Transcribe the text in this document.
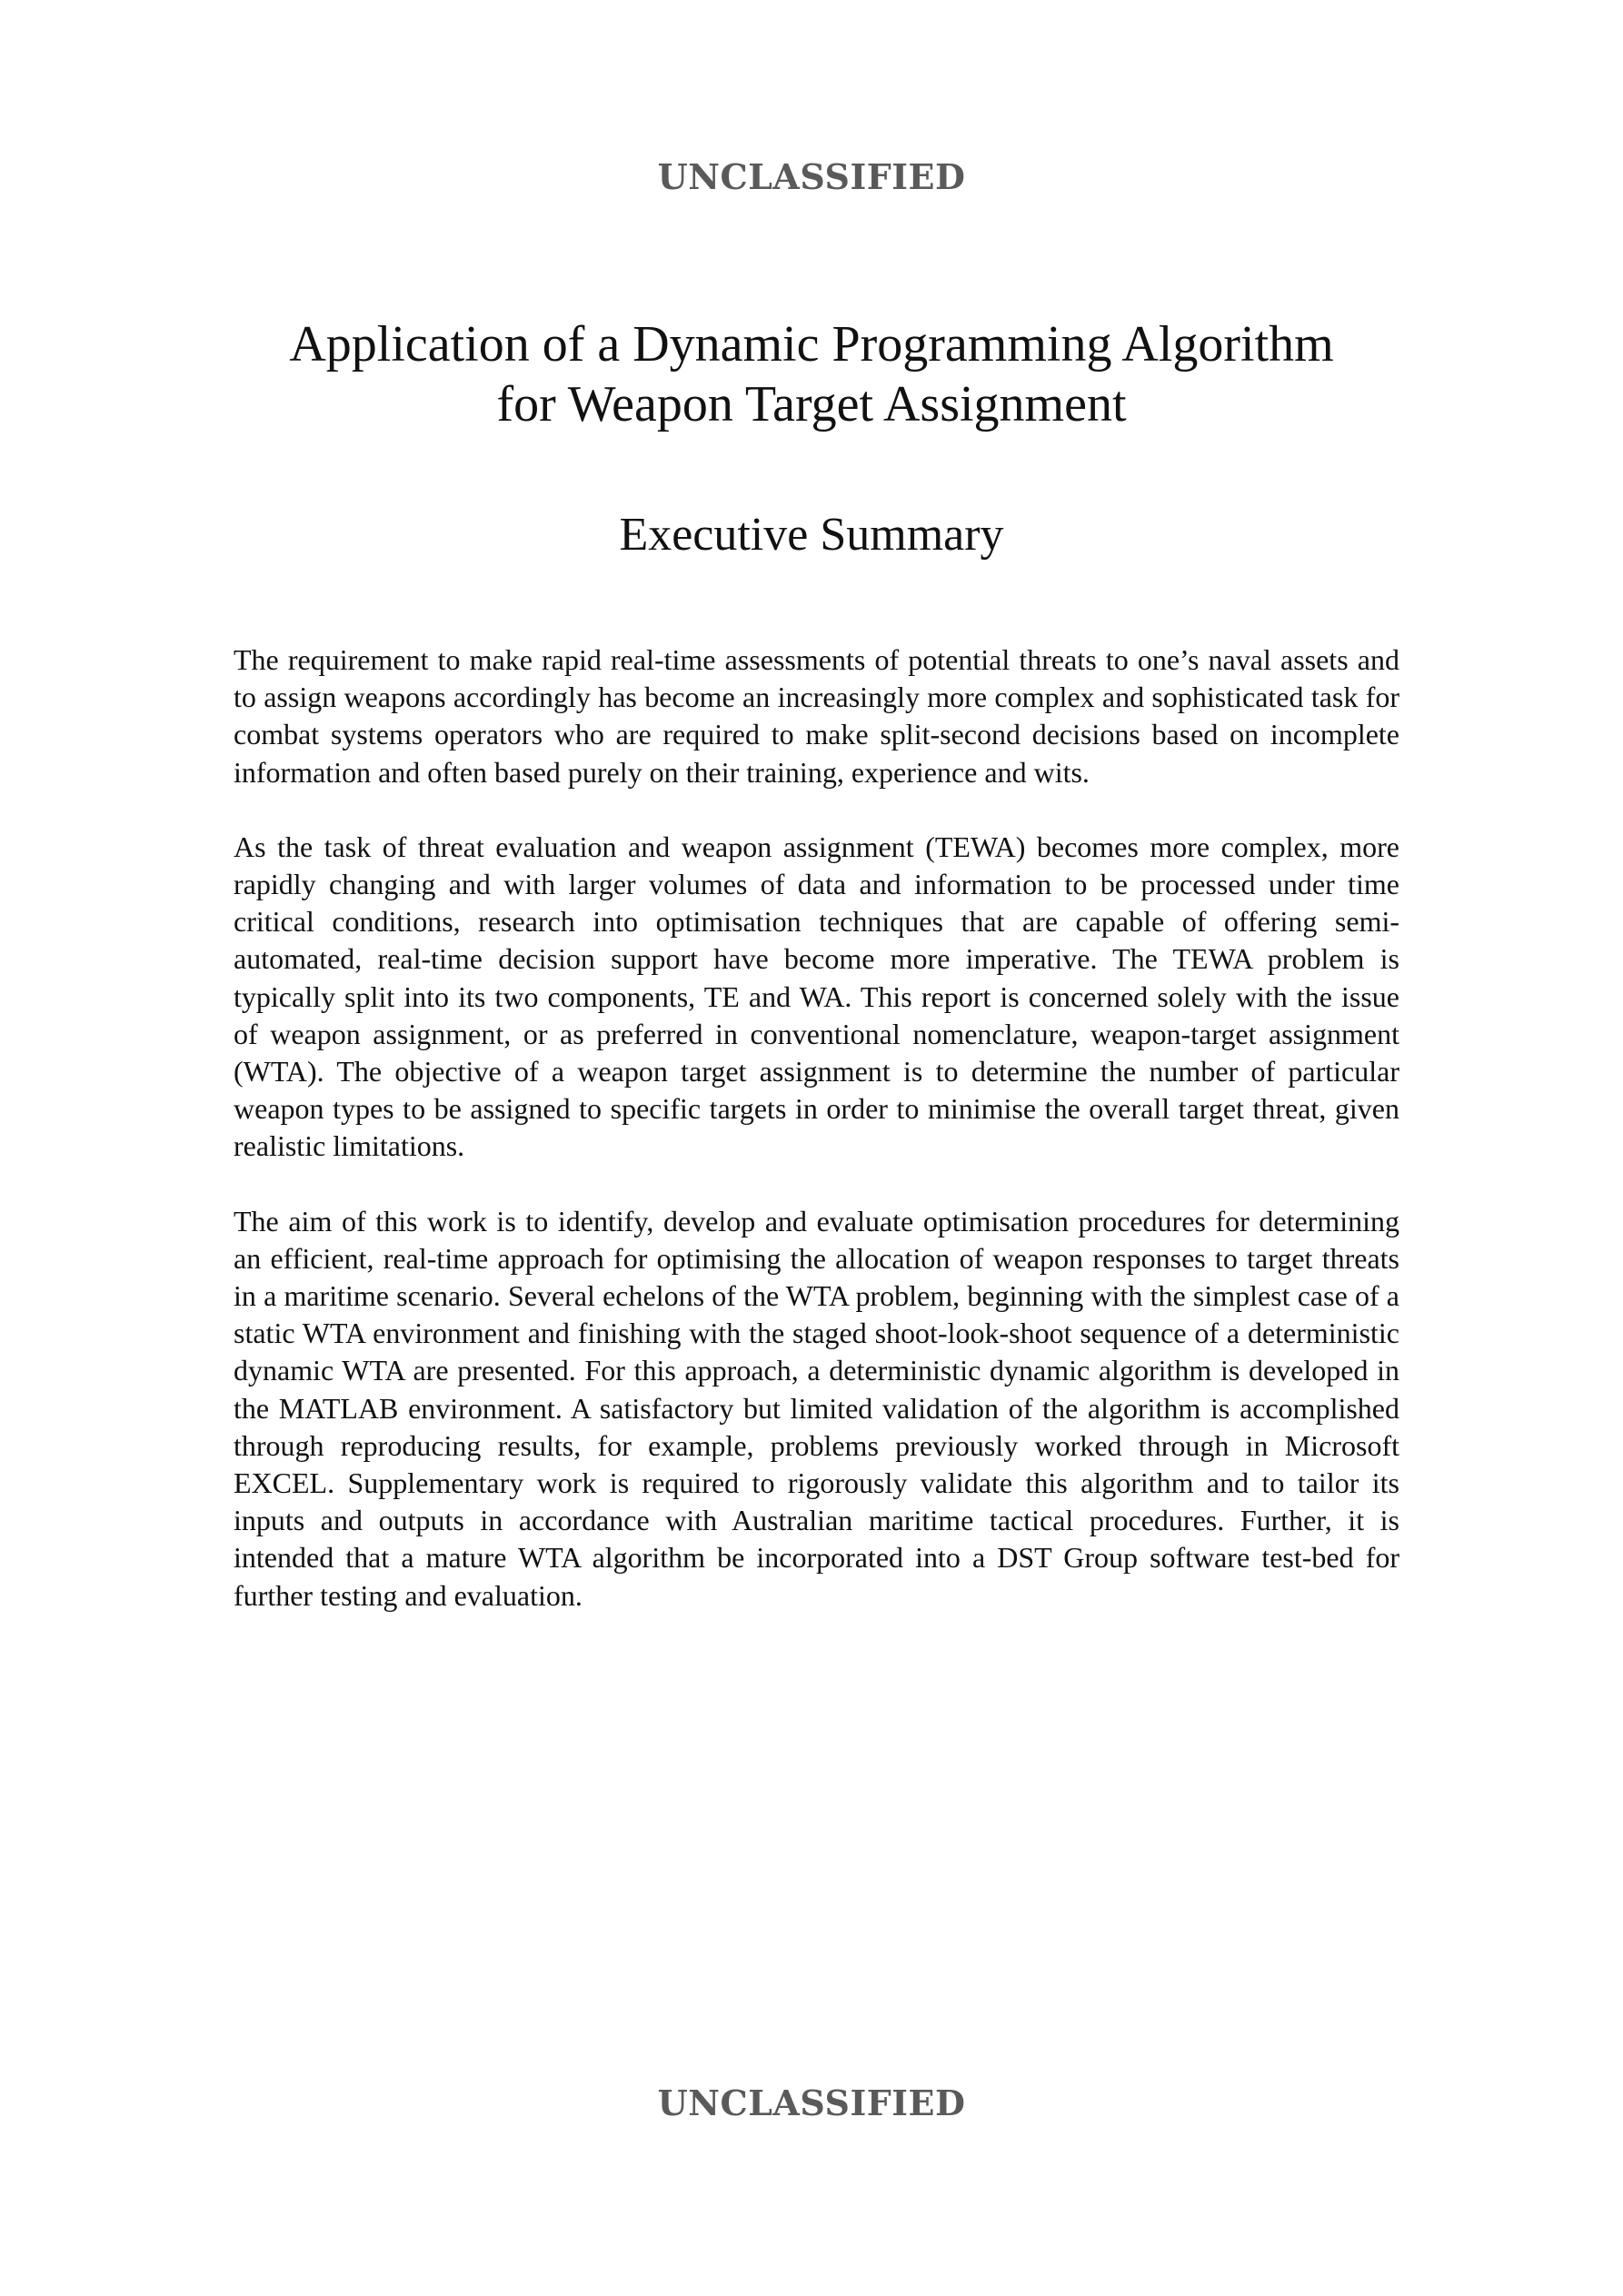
UNCLASSIFIED
Application of a Dynamic Programming Algorithm
for Weapon Target Assignment
Executive Summary

The requirement to make rapid real-time assessments of potential threats to one’s naval assets and to assign weapons accordingly has become an increasingly more complex and sophisticated task for combat systems operators who are required to make split-second decisions based on incomplete information and often based purely on their training, experience and wits.

As the task of threat evaluation and weapon assignment (TEWA) becomes more complex, more rapidly changing and with larger volumes of data and information to be processed under time critical conditions, research into optimisation techniques that are capable of offering semi-automated, real-time decision support have become more imperative. The TEWA problem is typically split into its two components, TE and WA. This report is concerned solely with the issue of weapon assignment, or as preferred in conventional nomenclature, weapon-target assignment (WTA). The objective of a weapon target assignment is to determine the number of particular weapon types to be assigned to specific targets in order to minimise the overall target threat, given realistic limitations.

The aim of this work is to identify, develop and evaluate optimisation procedures for determining an efficient, real-time approach for optimising the allocation of weapon responses to target threats in a maritime scenario. Several echelons of the WTA problem, beginning with the simplest case of a static WTA environment and finishing with the staged shoot-look-shoot sequence of a deterministic dynamic WTA are presented. For this approach, a deterministic dynamic algorithm is developed in the MATLAB environment. A satisfactory but limited validation of the algorithm is accomplished through reproducing results, for example, problems previously worked through in Microsoft EXCEL. Supplementary work is required to rigorously validate this algorithm and to tailor its inputs and outputs in accordance with Australian maritime tactical procedures. Further, it is intended that a mature WTA algorithm be incorporated into a DST Group software test-bed for further testing and evaluation.

UNCLASSIFIED
